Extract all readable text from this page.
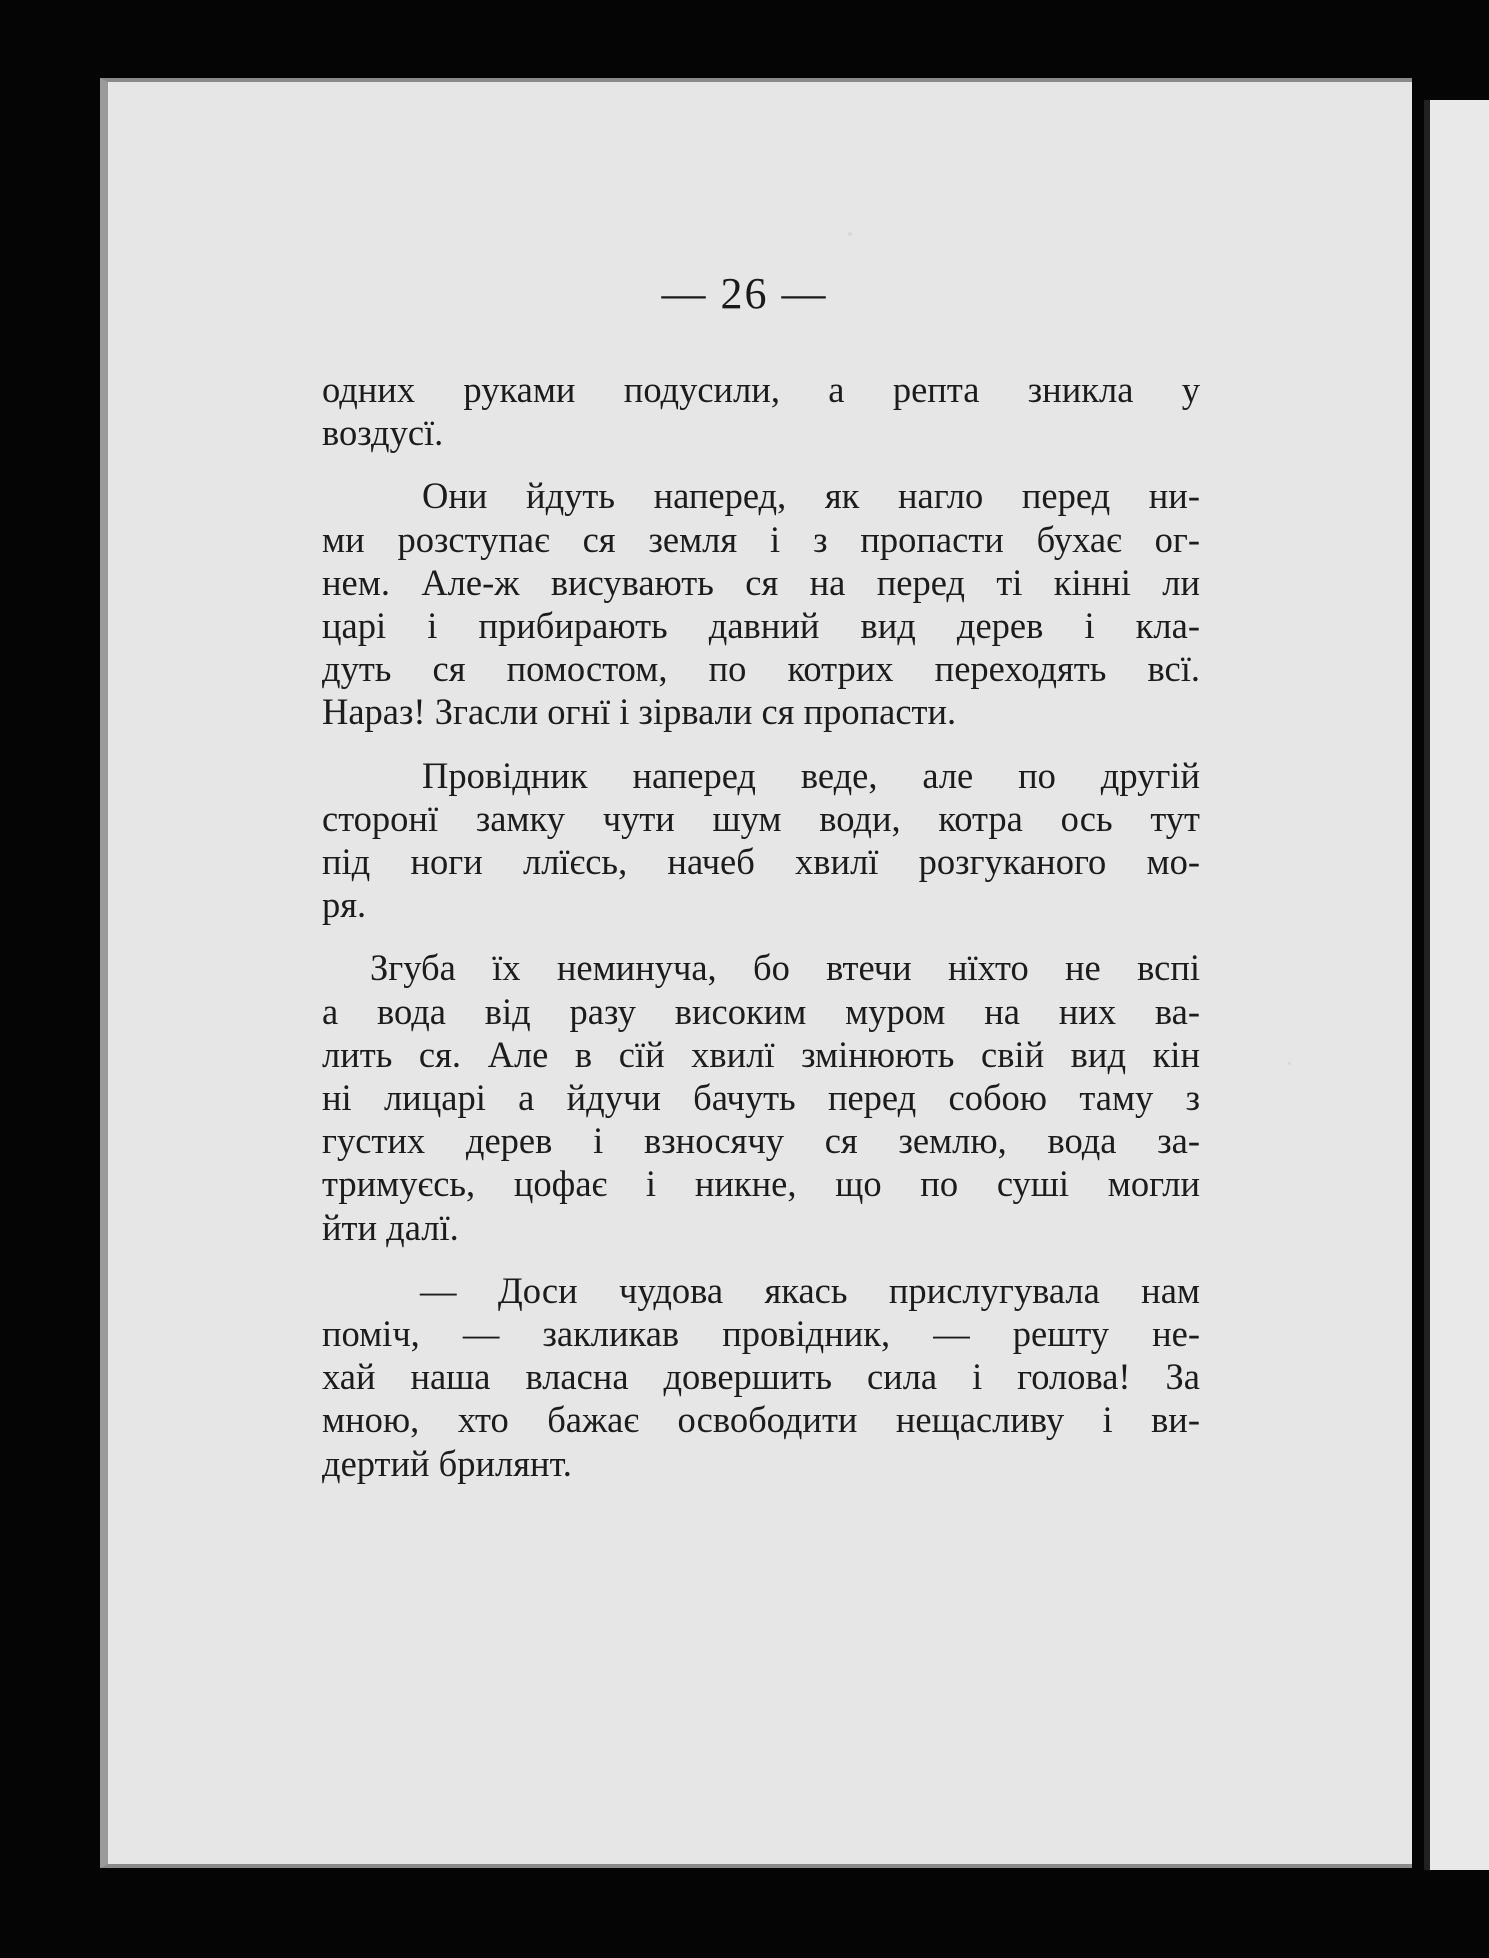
— 26 —
одних руками подусили, а репта зникла у
воздусї.
Они йдуть наперед, як нагло перед ни-
ми розступає ся земля і з пропасти бухає ог-
нем. Але-ж висувають ся на перед ті кінні ли
царі і прибирають давний вид дерев і кла-
дуть ся помостом, по котрих переходять всї.
Нараз! Згасли огнї і зірвали ся пропасти.
Провідник наперед веде, але по другій
сторонї замку чути шум води, котра ось тут
під ноги ллїєсь, начеб хвилї розгуканого мо-
ря.
Згуба їх неминуча, бо втечи нїхто не вспі
а вода від разу високим муром на них ва-
лить ся. Але в сїй хвилї змінюють свій вид кін
ні лицарі а йдучи бачуть перед собою таму з
густих дерев і взносячу ся землю, вода за-
тримуєсь, цофає і никне, що по суші могли
йти далї.
— Доси чудова якась прислугувала нам
поміч, — закликав провідник, — решту не-
хай наша власна довершить сила і голова! За
мною, хто бажає освободити нещасливу і ви-
дертий брилянт.
